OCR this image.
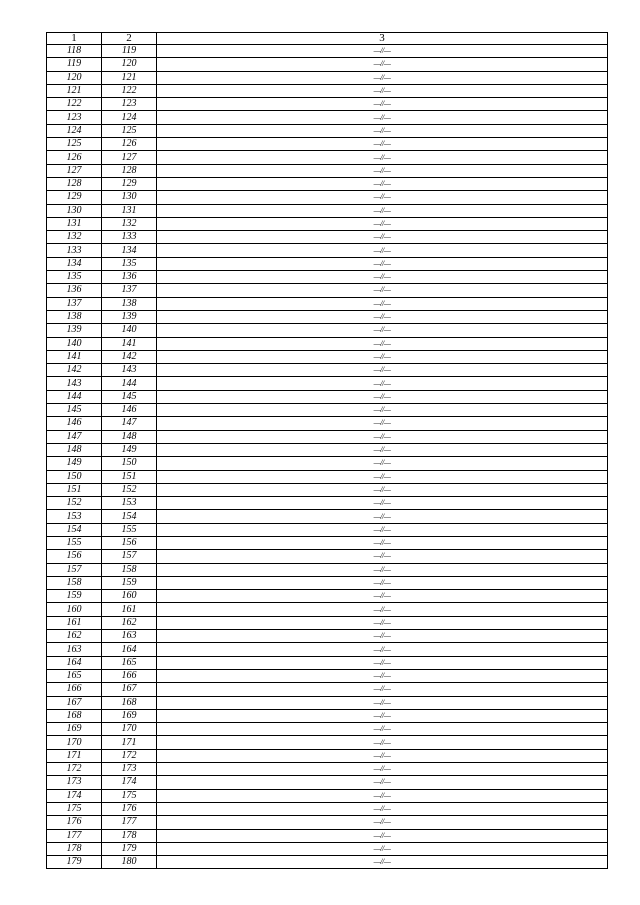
1	2	3
118	119	—//—
119	120	—//—
120	121	—//—
121	122	—//—
122	123	—//—
123	124	—//—
124	125	—//—
125	126	—//—
126	127	—//—
127	128	—//—
128	129	—//—
129	130	—//—
130	131	—//—
131	132	—//—
132	133	—//—
133	134	—//—
134	135	—//—
135	136	—//—
136	137	—//—
137	138	—//—
138	139	—//—
139	140	—//—
140	141	—//—
141	142	—//—
142	143	—//—
143	144	—//—
144	145	—//—
145	146	—//—
146	147	—//—
147	148	—//—
148	149	—//—
149	150	—//—
150	151	—//—
151	152	—//—
152	153	—//—
153	154	—//—
154	155	—//—
155	156	—//—
156	157	—//—
157	158	—//—
158	159	—//—
159	160	—//—
160	161	—//—
161	162	—//—
162	163	—//—
163	164	—//—
164	165	—//—
165	166	—//—
166	167	—//—
167	168	—//—
168	169	—//—
169	170	—//—
170	171	—//—
171	172	—//—
172	173	—//—
173	174	—//—
174	175	—//—
175	176	—//—
176	177	—//—
177	178	—//—
178	179	—//—
179	180	—//—
